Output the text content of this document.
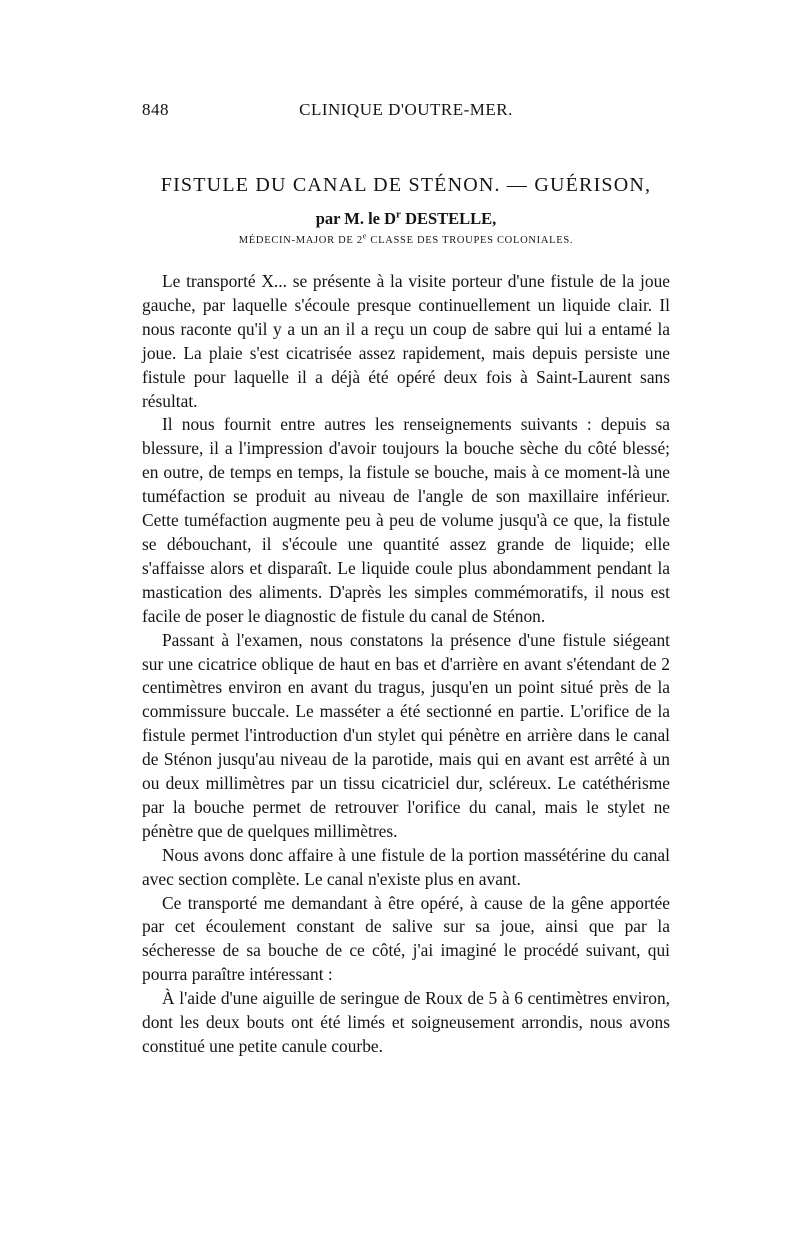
848	CLINIQUE D'OUTRE-MER.
FISTULE DU CANAL DE STÉNON. — GUÉRISON,
par M. le $D^r$ DESTELLE,
MÉDECIN-MAJOR DE 2e CLASSE DES TROUPES COLONIALES.

Le transporté X... se présente à la visite porteur d'une fistule de la joue gauche, par laquelle s'écoule presque continuellement un liquide clair. Il nous raconte qu'il y a un an il a reçu un coup de sabre qui lui a entamé la joue. La plaie s'est cicatrisée assez rapidement, mais depuis persiste une fistule pour laquelle il a déjà été opéré deux fois à Saint-Laurent sans résultat.

Il nous fournit entre autres les renseignements suivants : depuis sa blessure, il a l'impression d'avoir toujours la bouche sèche du côté blessé; en outre, de temps en temps, la fistule se bouche, mais à ce moment-là une tuméfaction se produit au niveau de l'angle de son maxillaire inférieur. Cette tuméfaction augmente peu à peu de volume jusqu'à ce que, la fistule se débouchant, il s'écoule une quantité assez grande de liquide; elle s'affaisse alors et disparaît. Le liquide coule plus abondamment pendant la mastication des aliments. D'après les simples commémoratifs, il nous est facile de poser le diagnostic de fistule du canal de Sténon.

Passant à l'examen, nous constatons la présence d'une fistule siégeant sur une cicatrice oblique de haut en bas et d'arrière en avant s'étendant de 2 centimètres environ en avant du tragus, jusqu'en un point situé près de la commissure buccale. Le masséter a été sectionné en partie. L'orifice de la fistule permet l'introduction d'un stylet qui pénètre en arrière dans le canal de Sténon jusqu'au niveau de la parotide, mais qui en avant est arrêté à un ou deux millimètres par un tissu cicatriciel dur, scléreux. Le catéthérisme par la bouche permet de retrouver l'orifice du canal, mais le stylet ne pénètre que de quelques millimètres.

Nous avons donc affaire à une fistule de la portion massétérine du canal avec section complète. Le canal n'existe plus en avant.

Ce transporté me demandant à être opéré, à cause de la gêne apportée par cet écoulement constant de salive sur sa joue, ainsi que par la sécheresse de sa bouche de ce côté, j'ai imaginé le procédé suivant, qui pourra paraître intéressant :

À l'aide d'une aiguille de seringue de Roux de 5 à 6 centimètres environ, dont les deux bouts ont été limés et soigneusement arrondis, nous avons constitué une petite canule courbe.
